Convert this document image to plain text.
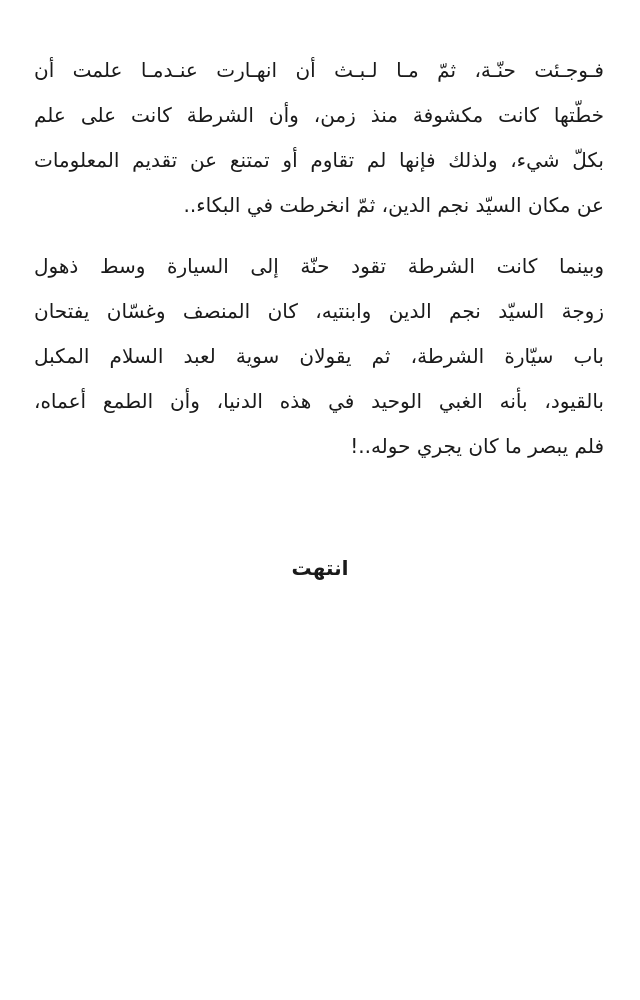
فـوجـئت حنّـة، ثمّ مـا لـبـث أن انهـارت عنـدمـا علمت أن
خطّتها كانت مكشوفة منذ زمن، وأن الشرطة كانت على علم
بكلّ شيء، ولذلك فإنها لم تقاوم أو تمتنع عن تقديم المعلومات
عن مكان السيّد نجم الدين، ثمّ انخرطت في البكاء..
وبينما كانت الشرطة تقود حنّة إلى السيارة وسط ذهول
زوجة السيّد نجم الدين وابنتيه، كان المنصف وغسّان يفتحان
باب سيّارة الشرطة، ثم يقولان سوية لعبد السلام المكبل
بالقيود، بأنه الغبي الوحيد في هذه الدنيا، وأن الطمع أعماه،
فلم يبصر ما كان يجري حوله..!
انتهت
